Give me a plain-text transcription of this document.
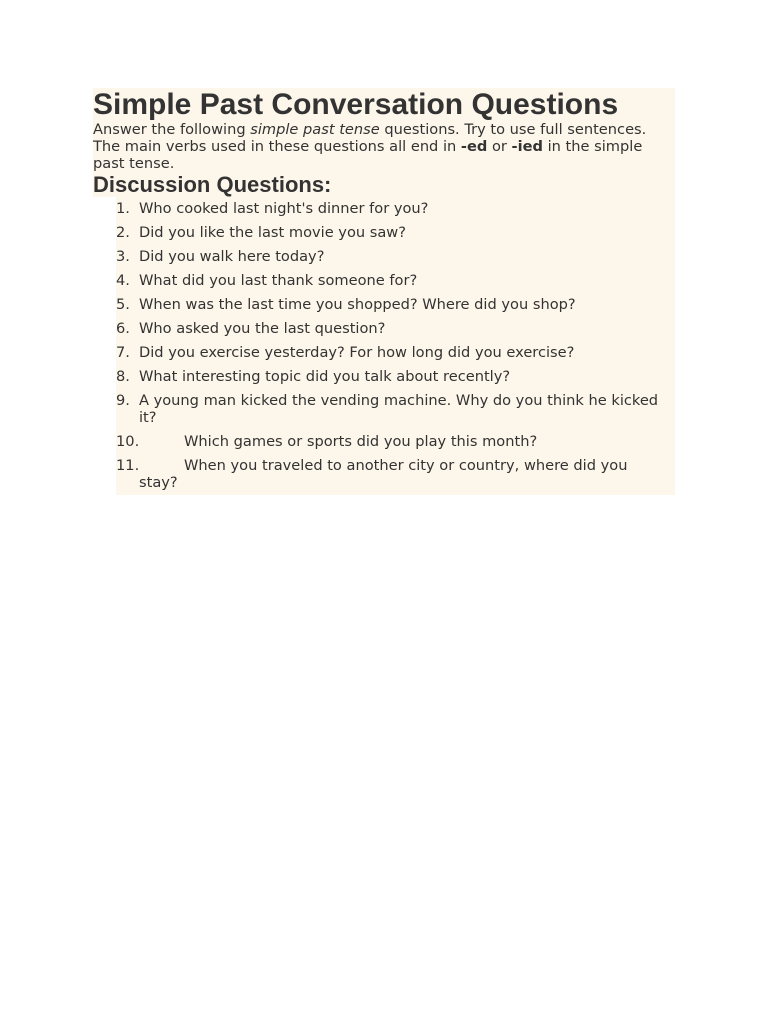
Simple Past Conversation Questions
Answer the following simple past tense questions. Try to use full sentences.
The main verbs used in these questions all end in -ed or -ied in the simple past tense.
Discussion Questions:
1. Who cooked last night's dinner for you?
2. Did you like the last movie you saw?
3. Did you walk here today?
4. What did you last thank someone for?
5. When was the last time you shopped? Where did you shop?
6. Who asked you the last question?
7. Did you exercise yesterday? For how long did you exercise?
8. What interesting topic did you talk about recently?
9. A young man kicked the vending machine. Why do you think he kicked it?
10.	Which games or sports did you play this month?
11.	When you traveled to another city or country, where did you stay?
